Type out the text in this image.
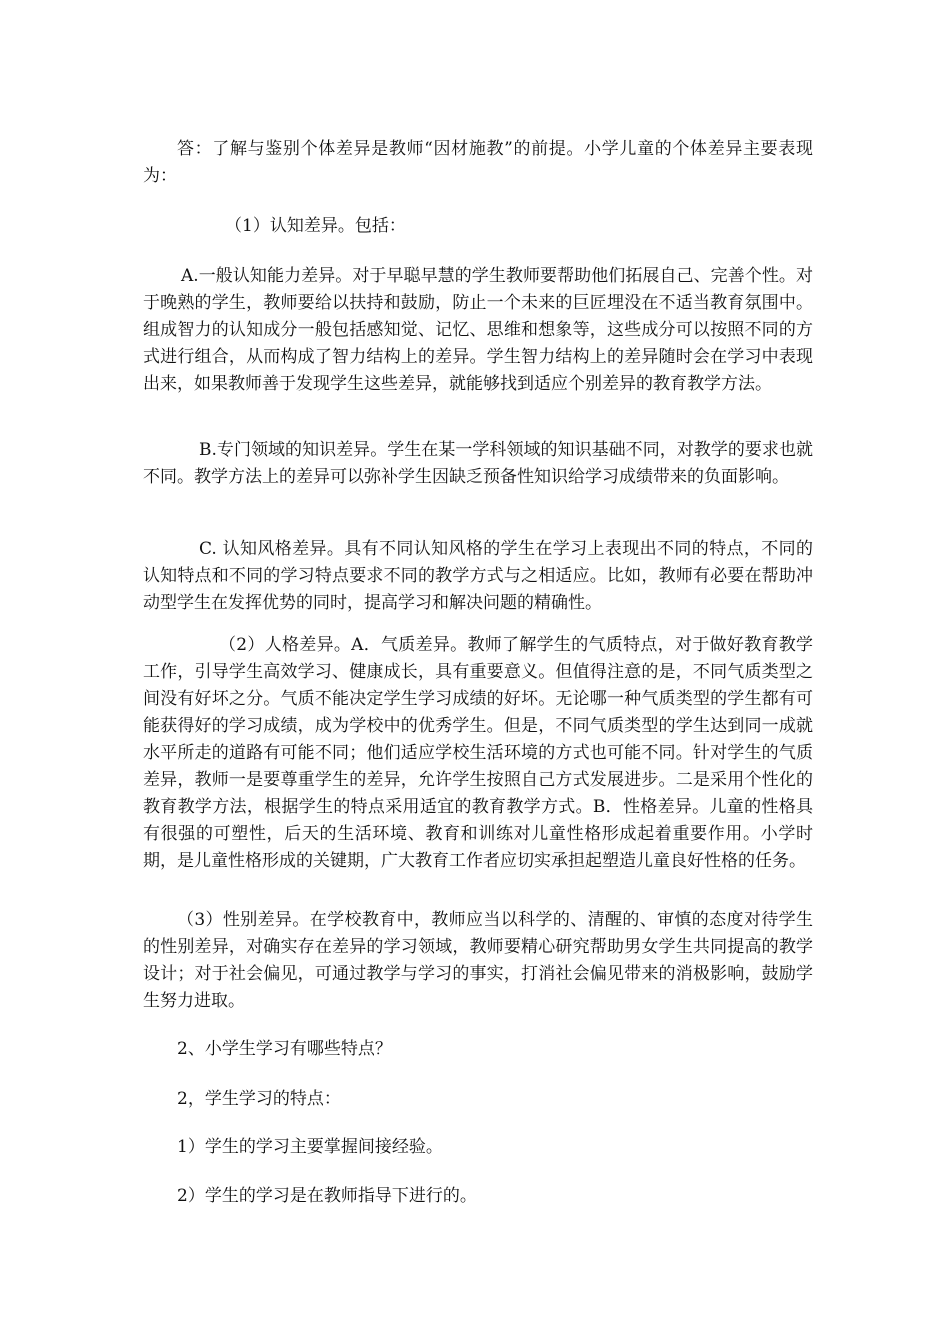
答：了解与鉴别个体差异是教师“因材施教”的前提。小学儿童的个体差异主要表现为：

（1）认知差异。包括：

A.一般认知能力差异。对于早聪早慧的学生教师要帮助他们拓展自己、完善个性。对于晚熟的学生，教师要给以扶持和鼓励，防止一个未来的巨匠埋没在不适当教育氛围中。组成智力的认知成分一般包括感知觉、记忆、思维和想象等，这些成分可以按照不同的方式进行组合，从而构成了智力结构上的差异。学生智力结构上的差异随时会在学习中表现出来，如果教师善于发现学生这些差异，就能够找到适应个别差异的教育教学方法。

B.专门领域的知识差异。学生在某一学科领域的知识基础不同，对教学的要求也就不同。教学方法上的差异可以弥补学生因缺乏预备性知识给学习成绩带来的负面影响。

C. 认知风格差异。具有不同认知风格的学生在学习上表现出不同的特点，不同的认知特点和不同的学习特点要求不同的教学方式与之相适应。比如，教师有必要在帮助冲动型学生在发挥优势的同时，提高学习和解决问题的精确性。

（2）人格差异。A．气质差异。教师了解学生的气质特点，对于做好教育教学工作，引导学生高效学习、健康成长，具有重要意义。但值得注意的是，不同气质类型之间没有好坏之分。气质不能决定学生学习成绩的好坏。无论哪一种气质类型的学生都有可能获得好的学习成绩，成为学校中的优秀学生。但是，不同气质类型的学生达到同一成就水平所走的道路有可能不同；他们适应学校生活环境的方式也可能不同。针对学生的气质差异，教师一是要尊重学生的差异，允许学生按照自己方式发展进步。二是采用个性化的教育教学方法，根据学生的特点采用适宜的教育教学方式。B．性格差异。儿童的性格具有很强的可塑性，后天的生活环境、教育和训练对儿童性格形成起着重要作用。小学时期，是儿童性格形成的关键期，广大教育工作者应切实承担起塑造儿童良好性格的任务。

（3）性别差异。在学校教育中，教师应当以科学的、清醒的、审慎的态度对待学生的性别差异，对确实存在差异的学习领域，教师要精心研究帮助男女学生共同提高的教学设计；对于社会偏见，可通过教学与学习的事实，打消社会偏见带来的消极影响，鼓励学生努力进取。

2、小学生学习有哪些特点？

2，学生学习的特点：

1）学生的学习主要掌握间接经验。

2）学生的学习是在教师指导下进行的。
